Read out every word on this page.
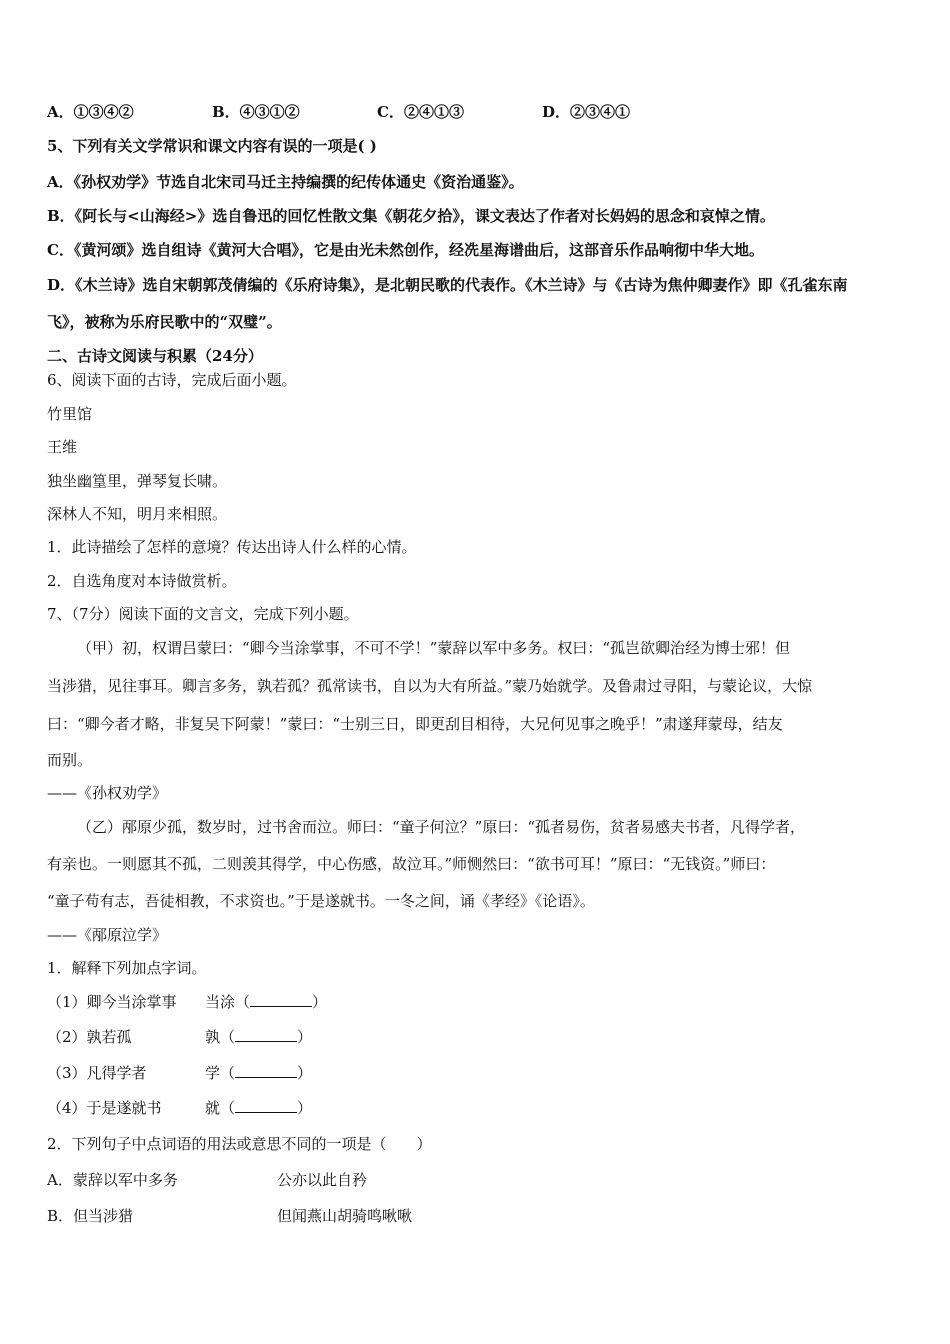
A．①③④②	B．④③①②	C．②④①③	D．②③④①
5、下列有关文学常识和课文内容有误的一项是( )
A．《孙权劝学》节选自北宋司马迁主持编撰的纪传体通史《资治通鉴》。
B．《阿长与<山海经>》选自鲁迅的回忆性散文集《朝花夕拾》，课文表达了作者对长妈妈的思念和哀悼之情。
C．《黄河颂》选自组诗《黄河大合唱》，它是由光未然创作，经冼星海谱曲后，这部音乐作品响彻中华大地。
D．《木兰诗》选自宋朝郭茂倩编的《乐府诗集》，是北朝民歌的代表作。《木兰诗》与《古诗为焦仲卿妻作》即《孔雀东南
飞》，被称为乐府民歌中的“双璧”。
二、古诗文阅读与积累（24分）
6、阅读下面的古诗，完成后面小题。
竹里馆
王维
独坐幽篁里，弹琴复长啸。
深林人不知，明月来相照。
1．此诗描绘了怎样的意境？传达出诗人什么样的心情。
2．自选角度对本诗做赏析。
7、（7分）阅读下面的文言文，完成下列小题。
（甲）初，权谓吕蒙曰：“卿今当涂掌事，不可不学！”蒙辞以军中多务。权曰：“孤岂欲卿治经为博士邪！但
当涉猎，见往事耳。卿言多务，孰若孤？孤常读书，自以为大有所益。”蒙乃始就学。及鲁肃过寻阳，与蒙论议，大惊
曰：“卿今者才略，非复吴下阿蒙！”蒙曰：“士别三日，即更刮目相待，大兄何见事之晚乎！”肃遂拜蒙母，结友
而别。
——《孙权劝学》
（乙）邴原少孤，数岁时，过书舍而泣。师曰：“童子何泣？”原曰：“孤者易伤，贫者易感夫书者，凡得学者，
有亲也。一则愿其不孤，二则羡其得学，中心伤感，故泣耳。”师恻然曰：“欲书可耳！”原曰：“无钱资。”师曰：
“童子苟有志，吾徒相教，不求资也。”于是遂就书。一冬之间，诵《孝经》《论语》。
——《邴原泣学》
1．解释下列加点字词。
（1）卿今当涂掌事 当涂（	）
（2）孰若孤	孰（	）
（3）凡得学者	学（	）
（4）于是遂就书	就（	）
2．下列句子中点词语的用法或意思不同的一项是（　　）
A．蒙辞以军中多务	公亦以此自矜
B．但当涉猎	但闻燕山胡骑鸣啾啾
